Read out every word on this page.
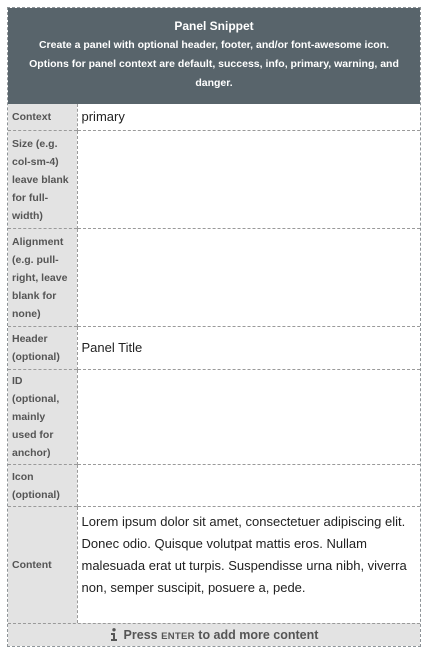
Panel Snippet
Create a panel with optional header, footer, and/or font-awesome icon. Options for panel context are default, success, info, primary, warning, and danger.
Context	primary
Size (e.g. col-sm-4) leave blank for full-width)	
Alignment (e.g. pull-right, leave blank for none)	
Header (optional)	Panel Title
ID (optional, mainly used for anchor)	
Icon (optional)	
Content	Lorem ipsum dolor sit amet, consectetuer adipiscing elit. Donec odio. Quisque volutpat mattis eros. Nullam malesuada erat ut turpis. Suspendisse urna nibh, viverra non, semper suscipit, posuere a, pede.
Press ENTER to add more content
